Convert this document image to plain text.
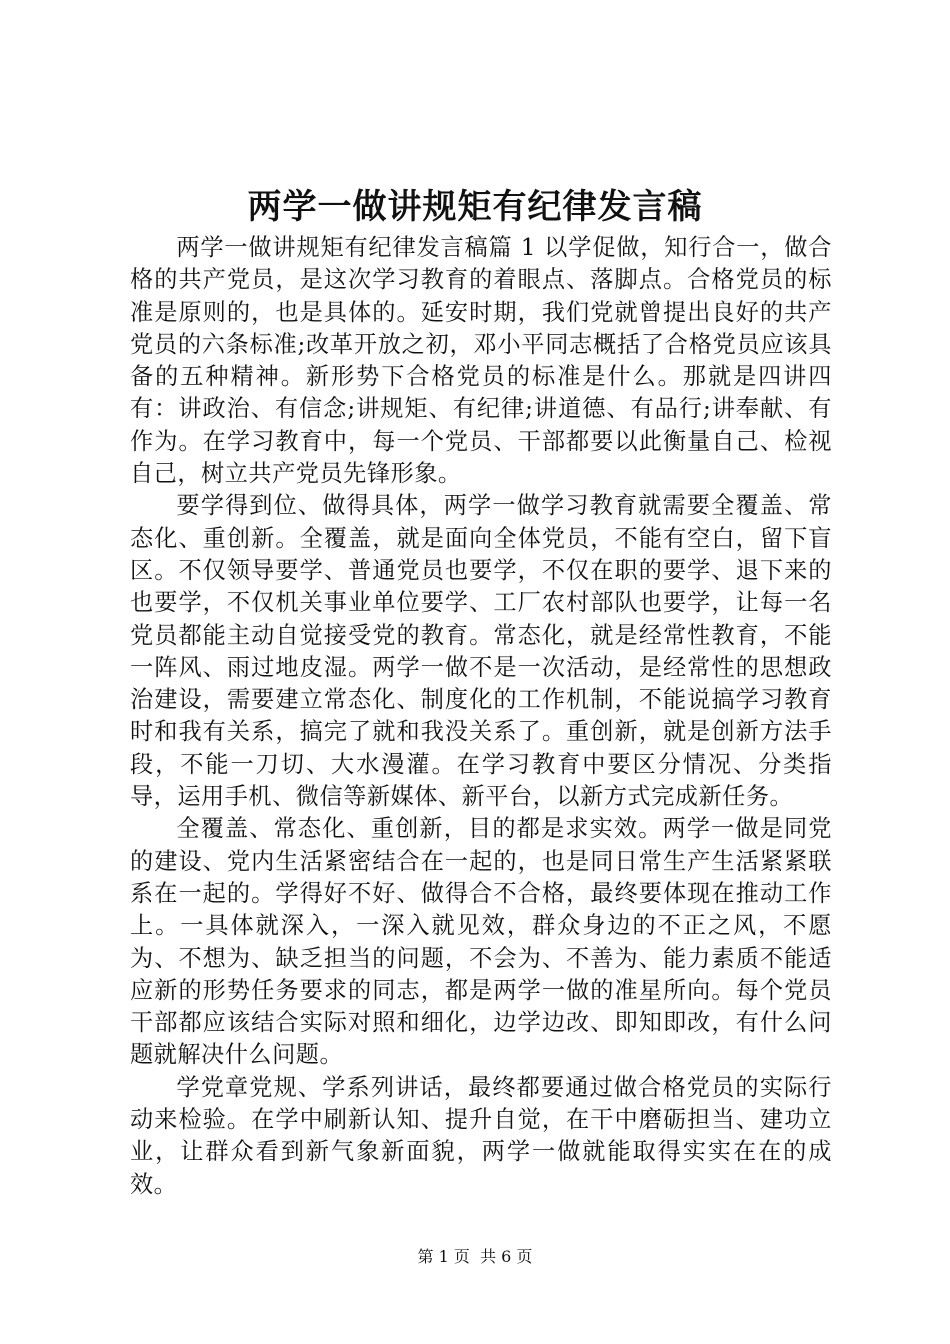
两学一做讲规矩有纪律发言稿

两学一做讲规矩有纪律发言稿篇 1 以学促做，知行合一，做合格的共产党员，是这次学习教育的着眼点、落脚点。合格党员的标准是原则的，也是具体的。延安时期，我们党就曾提出良好的共产党员的六条标准;改革开放之初，邓小平同志概括了合格党员应该具备的五种精神。新形势下合格党员的标准是什么。那就是四讲四有：讲政治、有信念;讲规矩、有纪律;讲道德、有品行;讲奉献、有作为。在学习教育中，每一个党员、干部都要以此衡量自己、检视自己，树立共产党员先锋形象。

要学得到位、做得具体，两学一做学习教育就需要全覆盖、常态化、重创新。全覆盖，就是面向全体党员，不能有空白，留下盲区。不仅领导要学、普通党员也要学，不仅在职的要学、退下来的也要学，不仅机关事业单位要学、工厂农村部队也要学，让每一名党员都能主动自觉接受党的教育。常态化，就是经常性教育，不能一阵风、雨过地皮湿。两学一做不是一次活动，是经常性的思想政治建设，需要建立常态化、制度化的工作机制，不能说搞学习教育时和我有关系，搞完了就和我没关系了。重创新，就是创新方法手段，不能一刀切、大水漫灌。在学习教育中要区分情况、分类指导，运用手机、微信等新媒体、新平台，以新方式完成新任务。

全覆盖、常态化、重创新，目的都是求实效。两学一做是同党的建设、党内生活紧密结合在一起的，也是同日常生产生活紧紧联系在一起的。学得好不好、做得合不合格，最终要体现在推动工作上。一具体就深入，一深入就见效，群众身边的不正之风，不愿为、不想为、缺乏担当的问题，不会为、不善为、能力素质不能适应新的形势任务要求的同志，都是两学一做的准星所向。每个党员干部都应该结合实际对照和细化，边学边改、即知即改，有什么问题就解决什么问题。

学党章党规、学系列讲话，最终都要通过做合格党员的实际行动来检验。在学中刷新认知、提升自觉，在干中磨砺担当、建功立业，让群众看到新气象新面貌，两学一做就能取得实实在在的成效。

第 1 页  共 6 页
